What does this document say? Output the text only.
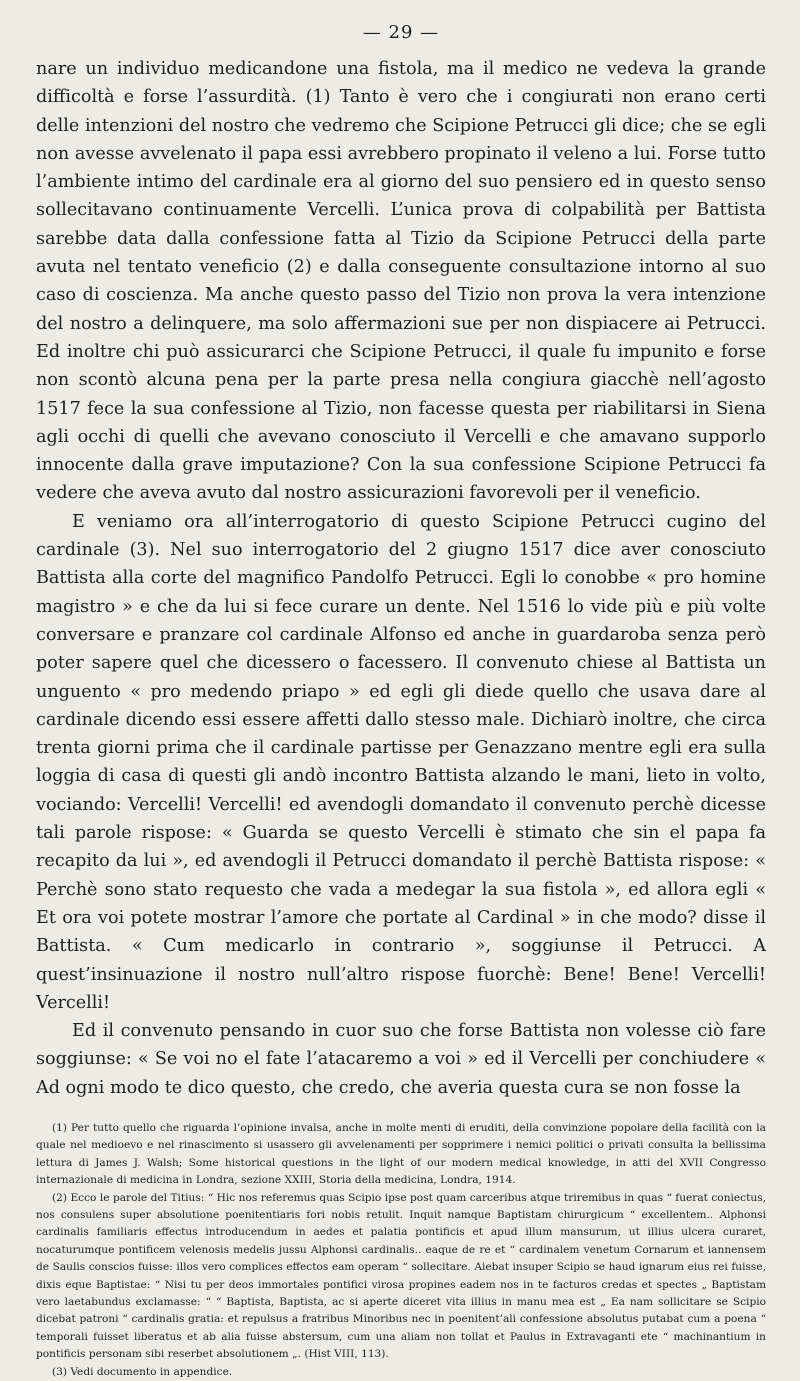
— 29 —

nare un individuo medicandone una fistola, ma il medico ne vedeva la grande difficoltà e forse l’assurdità. (1) Tanto è vero che i congiurati non erano certi delle intenzioni del nostro che vedremo che Scipione Petrucci gli dice; che se egli non avesse avvelenato il papa essi avrebbero propinato il veleno a lui. Forse tutto l’ambiente intimo del cardinale era al giorno del suo pensiero ed in questo senso sollecitavano continuamente Vercelli. L’unica prova di colpabilità per Battista sarebbe data dalla confessione fatta al Tizio da Scipione Petrucci della parte avuta nel tentato veneficio (2) e dalla conseguente consultazione intorno al suo caso di coscienza. Ma anche questo passo del Tizio non prova la vera intenzione del nostro a delinquere, ma solo affermazioni sue per non dispiacere ai Petrucci. Ed inoltre chi può assicurarci che Scipione Petrucci, il quale fu impunito e forse non scontò alcuna pena per la parte presa nella congiura giacchè nell’agosto 1517 fece la sua confessione al Tizio, non facesse questa per riabilitarsi in Siena agli occhi di quelli che avevano conosciuto il Vercelli e che amavano supporlo innocente dalla grave imputazione? Con la sua confessione Scipione Petrucci fa vedere che aveva avuto dal nostro assicurazioni favorevoli per il veneficio.

E veniamo ora all’interrogatorio di questo Scipione Petrucci cugino del cardinale (3). Nel suo interrogatorio del 2 giugno 1517 dice aver conosciuto Battista alla corte del magnifico Pandolfo Petrucci. Egli lo conobbe « pro homine magistro » e che da lui si fece curare un dente. Nel 1516 lo vide più e più volte conversare e pranzare col cardinale Alfonso ed anche in guardaroba senza però poter sapere quel che dicessero o facessero. Il convenuto chiese al Battista un unguento « pro medendo priapo » ed egli gli diede quello che usava dare al cardinale dicendo essi essere affetti dallo stesso male. Dichiarò inoltre, che circa trenta giorni prima che il cardinale partisse per Genazzano mentre egli era sulla loggia di casa di questi gli andò incontro Battista alzando le mani, lieto in volto, vociando: Vercelli! Vercelli! ed avendogli domandato il convenuto perchè dicesse tali parole rispose: « Guarda se questo Vercelli è stimato che sin el papa fa recapito da lui », ed avendogli il Petrucci domandato il perchè Battista rispose: « Perchè sono stato requesto che vada a medegar la sua fistola », ed allora egli « Et ora voi potete mostrar l’amore che portate al Cardinal » in che modo? disse il Battista. « Cum medicarlo in contrario », soggiunse il Petrucci. A quest’insinuazione il nostro null’altro rispose fuorchè: Bene! Bene! Vercelli! Vercelli!

Ed il convenuto pensando in cuor suo che forse Battista non volesse ciò fare soggiunse: « Se voi no el fate l’atacaremo a voi » ed il Vercelli per conchiudere « Ad ogni modo te dico questo, che credo, che averia questa cura se non fosse la

(1) Per tutto quello che riguarda l’opinione invalsa, anche in molte menti di eruditi, della convinzione popolare della facilità con la quale nel medioevo e nel rinascimento si usassero gli avvelenamenti per sopprimere i nemici politici o privati consulta la bellissima lettura di James J. Walsh; Some historical questions in the light of our modern medical knowledge, in atti del XVII Congresso internazionale di medicina in Londra, sezione XXIII, Storia della medicina, Londra, 1914.

(2) Ecco le parole del Titius: “ Hic nos referemus quas Scipio ipse post quam carceribus atque triremibus in quas “ fuerat coniectus, nos consulens super absolutione poenitentiaris fori nobis retulit. Inquit namque Baptistam chirurgicum “ excellentem.. Alphonsi cardinalis familiaris effectus introducendum in aedes et palatia pontificis et apud illum mansurum, ut illius ulcera curaret, nocaturumque pontificem velenosis medelis jussu Alphonsi cardinalis.. eaque de re et “ cardinalem venetum Cornarum et iannensem de Saulis conscios fuisse: illos vero complices effectos eam operam “ sollecitare. Aiebat insuper Scipio se haud ignarum eius rei fuisse, dixis eque Baptistae: “ Nisi tu per deos immortales pontifici virosa propines eadem nos in te facturos credas et spectes „ Baptistam vero laetabundus exclamasse: “ “ Baptista, Baptista, ac si aperte diceret vita illius in manu mea est „ Ea nam sollicitare se Scipio dicebat patroni “ cardinalis gratia: et repulsus a fratribus Minoribus nec in poenitent’ali confessione absolutus putabat cum a poena “ temporali fuisset liberatus et ab alia fuisse abstersum, cum una aliam non tollat et Paulus in Extravaganti ete “ machinantium in pontificis personam sibi reserbet absolutionem „. (Hist VIII, 113).

(3) Vedi documento in appendice.
